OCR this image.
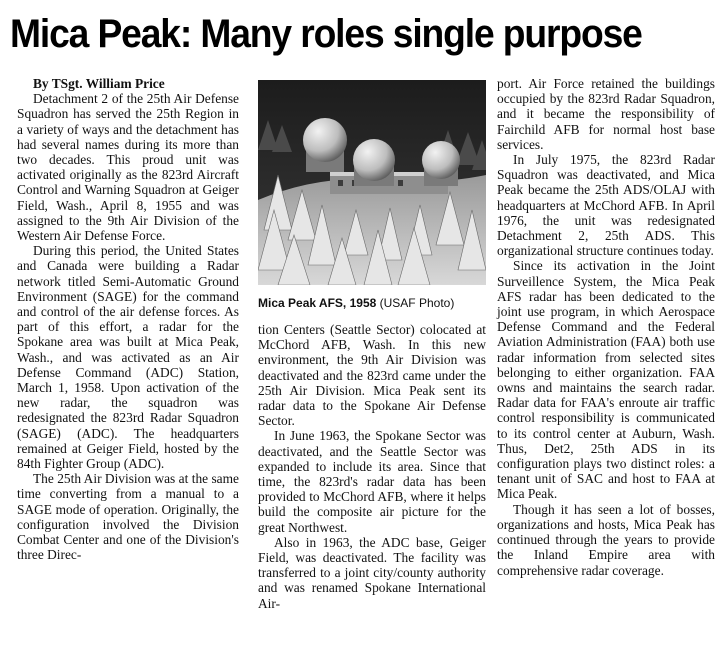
Mica Peak: Many roles single purpose

By TSgt. William Price

Detachment 2 of the 25th Air Defense Squadron has served the 25th Region in a variety of ways and the detachment has had several names during its more than two decades. This proud unit was activated originally as the 823rd Aircraft Control and Warning Squadron at Geiger Field, Wash., April 8, 1955 and was assigned to the 9th Air Division of the Western Air Defense Force.

During this period, the United States and Canada were building a Radar network titled Semi-Automatic Ground Environment (SAGE) for the command and control of the air defense forces. As part of this effort, a radar for the Spokane area was built at Mica Peak, Wash., and was activated as an Air Defense Command (ADC) Station, March 1, 1958. Upon activation of the new radar, the squadron was redesignated the 823rd Radar Squadron (SAGE) (ADC). The headquarters remained at Geiger Field, hosted by the 84th Fighter Group (ADC).

The 25th Air Division was at the same time converting from a manual to a SAGE mode of operation. Originally, the configuration involved the Division Combat Center and one of the Division's three Direc-

Mica Peak AFS, 1958 (USAF Photo)

tion Centers (Seattle Sector) colocated at McChord AFB, Wash. In this new environment, the 9th Air Division was deactivated and the 823rd came under the 25th Air Division. Mica Peak sent its radar data to the Spokane Air Defense Sector.

In June 1963, the Spokane Sector was deactivated, and the Seattle Sector was expanded to include its area. Since that time, the 823rd's radar data has been provided to McChord AFB, where it helps build the composite air picture for the great Northwest.

Also in 1963, the ADC base, Geiger Field, was deactivated. The facility was transferred to a joint city/county authority and was renamed Spokane International Air-

port. Air Force retained the buildings occupied by the 823rd Radar Squadron, and it became the responsibility of Fairchild AFB for normal host base services.

In July 1975, the 823rd Radar Squadron was deactivated, and Mica Peak became the 25th ADS/OLAJ with headquarters at McChord AFB. In April 1976, the unit was redesignated Detachment 2, 25th ADS. This organizational structure continues today.

Since its activation in the Joint Surveillence System, the Mica Peak AFS radar has been dedicated to the joint use program, in which Aerospace Defense Command and the Federal Aviation Administration (FAA) both use radar information from selected sites belonging to either organization. FAA owns and maintains the search radar. Radar data for FAA's enroute air traffic control responsibility is communicated to its control center at Auburn, Wash. Thus, Det2, 25th ADS in its configuration plays two distinct roles: a tenant unit of SAC and host to FAA at Mica Peak.

Though it has seen a lot of bosses, organizations and hosts, Mica Peak has continued through the years to provide the Inland Empire area with comprehensive radar coverage.
